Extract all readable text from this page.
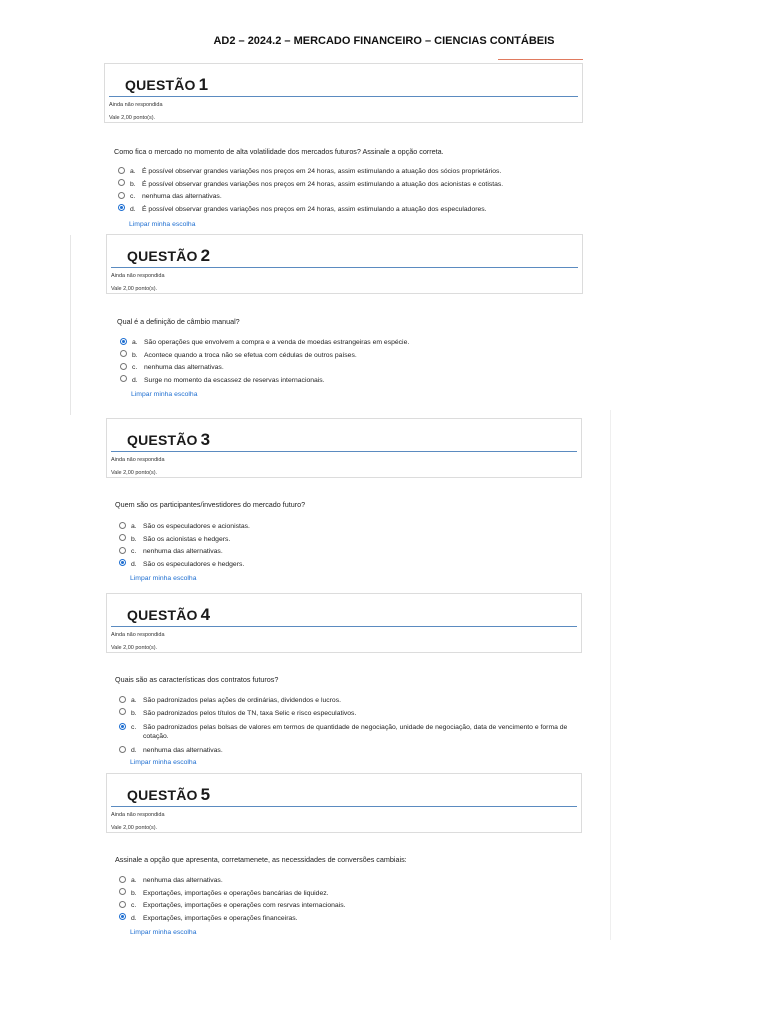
AD2 – 2024.2 – MERCADO FINANCEIRO – CIENCIAS CONTÁBEIS
QUESTÃO 1
Ainda não respondida
Vale 2,00 ponto(s).
Como fica o mercado no momento de alta volatilidade dos mercados futuros? Assinale a opção correta.
a. É possível observar grandes variações nos preços em 24 horas, assim estimulando a atuação dos sócios proprietários.
b. É possível observar grandes variações nos preços em 24 horas, assim estimulando a atuação dos acionistas e cotistas.
c. nenhuma das alternativas.
d. É possível observar grandes variações nos preços em 24 horas, assim estimulando a atuação dos especuladores.
Limpar minha escolha
QUESTÃO 2
Ainda não respondida
Vale 2,00 ponto(s).
Qual é a definição de câmbio manual?
a. São operações que envolvem a compra e a venda de moedas estrangeiras em espécie.
b. Acontece quando a troca não se efetua com cédulas de outros países.
c. nenhuma das alternativas.
d. Surge no momento da escassez de reservas internacionais.
Limpar minha escolha
QUESTÃO 3
Ainda não respondida
Vale 2,00 ponto(s).
Quem são os participantes/investidores do mercado futuro?
a. São os especuladores e acionistas.
b. São os acionistas e hedgers.
c. nenhuma das alternativas.
d. São os especuladores e hedgers.
Limpar minha escolha
QUESTÃO 4
Ainda não respondida
Vale 2,00 ponto(s).
Quais são as características dos contratos futuros?
a. São padronizados pelas ações de ordinárias, dividendos e lucros.
b. São padronizados pelos títulos de TN, taxa Selic e risco especulativos.
c. São padronizados pelas bolsas de valores em termos de quantidade de negociação, unidade de negociação, data de vencimento e forma de cotação.
d. nenhuma das alternativas.
Limpar minha escolha
QUESTÃO 5
Ainda não respondida
Vale 2,00 ponto(s).
Assinale a opção que apresenta, corretamenete, as necessidades de conversões cambiais:
a. nenhuma das alternativas.
b. Exportações, importações e operações bancárias de liquidez.
c. Exportações, importações e operações com resrvas internacionais.
d. Exportações, importações e operações financeiras.
Limpar minha escolha
